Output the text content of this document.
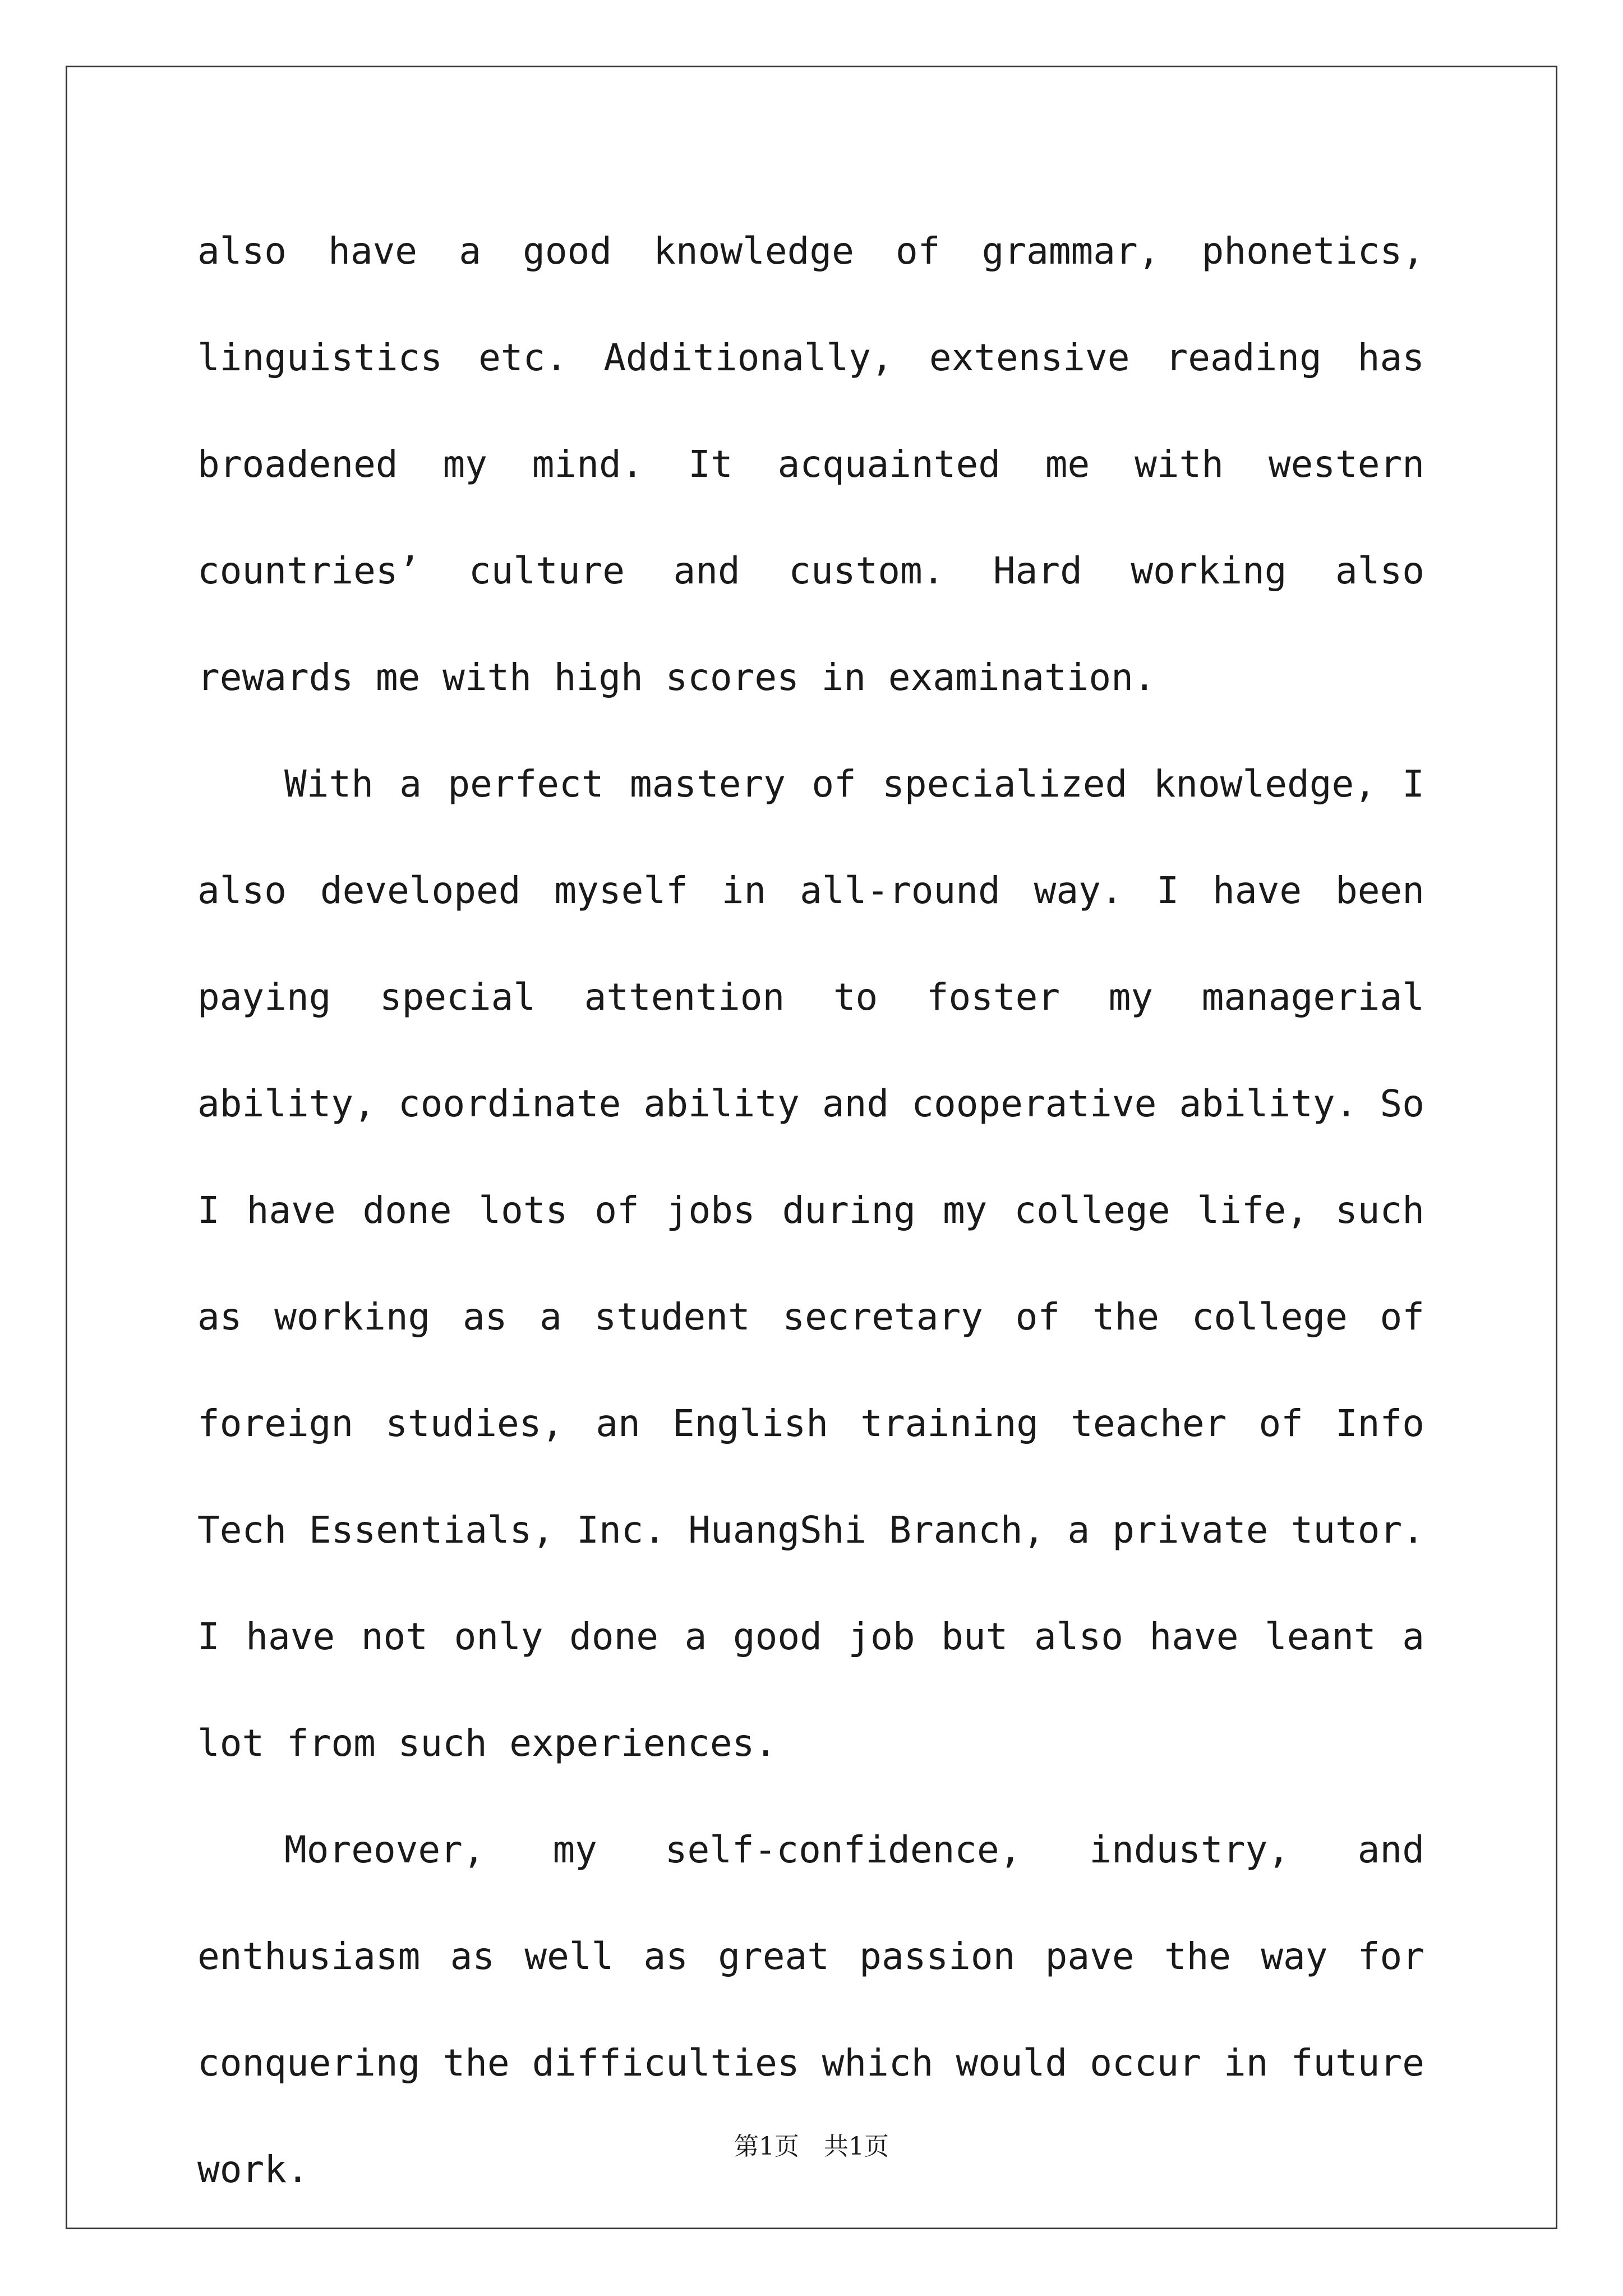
also have a good knowledge of grammar, phonetics, linguistics etc. Additionally, extensive reading has broadened my mind. It acquainted me with western countries’ culture and custom. Hard working also rewards me with high scores in examination.

With a perfect mastery of specialized knowledge, I also developed myself in all-round way. I have been paying special attention to foster my managerial ability, coordinate ability and cooperative ability. So I have done lots of jobs during my college life, such as working as a student secretary of the college of foreign studies, an English training teacher of Info Tech Essentials, Inc. HuangShi Branch, a private tutor. I have not only done a good job but also have leant a lot from such experiences.

Moreover, my self-confidence, industry, and enthusiasm as well as great passion pave the way for conquering the difficulties which would occur in future work.

第1页　共1页
